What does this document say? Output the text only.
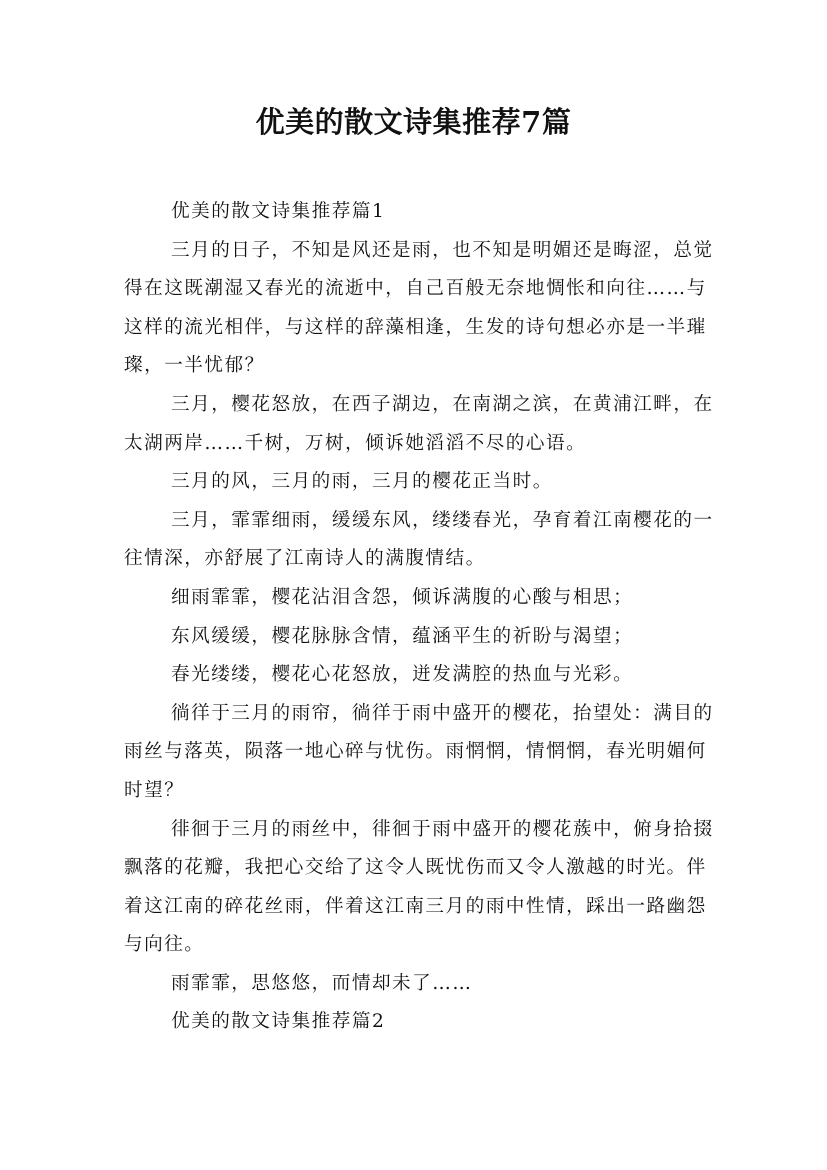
优美的散文诗集推荐7篇

优美的散文诗集推荐篇1

三月的日子，不知是风还是雨，也不知是明媚还是晦涩，总觉得在这既潮湿又春光的流逝中，自己百般无奈地惆怅和向往……与这样的流光相伴，与这样的辞藻相逢，生发的诗句想必亦是一半璀璨，一半忧郁？

三月，樱花怒放，在西子湖边，在南湖之滨，在黄浦江畔，在太湖两岸……千树，万树，倾诉她滔滔不尽的心语。

三月的风，三月的雨，三月的樱花正当时。

三月，霏霏细雨，缓缓东风，缕缕春光，孕育着江南樱花的一往情深，亦舒展了江南诗人的满腹情结。

细雨霏霏，樱花沾泪含怨，倾诉满腹的心酸与相思；

东风缓缓，樱花脉脉含情，蕴涵平生的祈盼与渴望；

春光缕缕，樱花心花怒放，迸发满腔的热血与光彩。

徜徉于三月的雨帘，徜徉于雨中盛开的樱花，抬望处：满目的雨丝与落英，陨落一地心碎与忧伤。雨惘惘，情惘惘，春光明媚何时望？

徘徊于三月的雨丝中，徘徊于雨中盛开的樱花蔟中，俯身拾掇飘落的花瓣，我把心交给了这令人既忧伤而又令人激越的时光。伴着这江南的碎花丝雨，伴着这江南三月的雨中性情，踩出一路幽怨与向往。

雨霏霏，思悠悠，而情却未了……

优美的散文诗集推荐篇2
